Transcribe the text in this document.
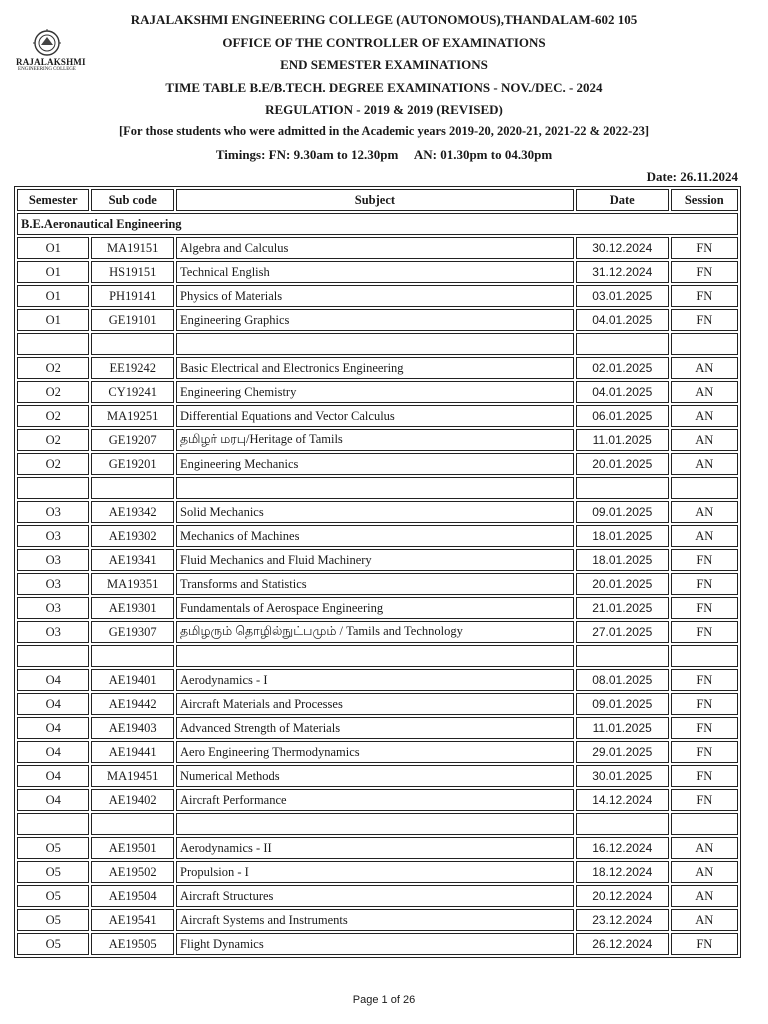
RAJALAKSHMI
ENGINEERING COLLEGE
RAJALAKSHMI ENGINEERING COLLEGE (AUTONOMOUS),THANDALAM-602 105
OFFICE OF THE CONTROLLER OF EXAMINATIONS
END SEMESTER EXAMINATIONS
TIME TABLE B.E/B.TECH. DEGREE EXAMINATIONS - NOV./DEC. - 2024
REGULATION - 2019 & 2019 (REVISED)
[For those students who were admitted in the Academic years 2019-20, 2020-21, 2021-22 & 2022-23]
Timings: FN: 9.30am to 12.30pm     AN: 01.30pm to 04.30pm
Date: 26.11.2024
Semester	Sub code	Subject	Date	Session
B.E.Aeronautical Engineering				
O1	MA19151	Algebra and Calculus	30.12.2024	FN
O1	HS19151	Technical English	31.12.2024	FN
O1	PH19141	Physics of Materials	03.01.2025	FN
O1	GE19101	Engineering Graphics	04.01.2025	FN

O2	EE19242	Basic Electrical and Electronics Engineering	02.01.2025	AN
O2	CY19241	Engineering Chemistry	04.01.2025	AN
O2	MA19251	Differential Equations and Vector Calculus	06.01.2025	AN
O2	GE19207	தமிழர் மரபு/Heritage of Tamils	11.01.2025	AN
O2	GE19201	Engineering Mechanics	20.01.2025	AN

O3	AE19342	Solid Mechanics	09.01.2025	AN
O3	AE19302	Mechanics of Machines	18.01.2025	AN
O3	AE19341	Fluid Mechanics and Fluid Machinery	18.01.2025	FN
O3	MA19351	Transforms and Statistics	20.01.2025	FN
O3	AE19301	Fundamentals of Aerospace Engineering	21.01.2025	FN
O3	GE19307	தமிழரும் தொழில்நுட்பமும் / Tamils and Technology	27.01.2025	FN

O4	AE19401	Aerodynamics - I	08.01.2025	FN
O4	AE19442	Aircraft Materials and Processes	09.01.2025	FN
O4	AE19403	Advanced Strength of Materials	11.01.2025	FN
O4	AE19441	Aero Engineering Thermodynamics	29.01.2025	FN
O4	MA19451	Numerical Methods	30.01.2025	FN
O4	AE19402	Aircraft Performance	14.12.2024	FN

O5	AE19501	Aerodynamics - II	16.12.2024	AN
O5	AE19502	Propulsion - I	18.12.2024	AN
O5	AE19504	Aircraft Structures	20.12.2024	AN
O5	AE19541	Aircraft Systems and Instruments	23.12.2024	AN
O5	AE19505	Flight Dynamics	26.12.2024	FN
Page 1 of 26
